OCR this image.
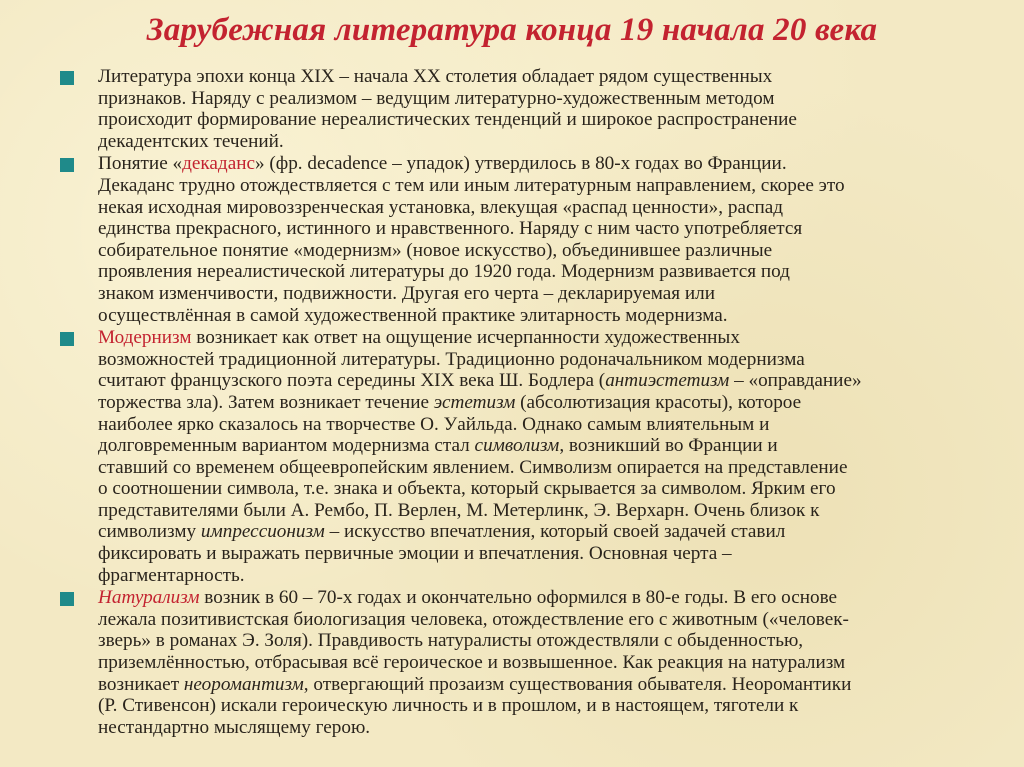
Зарубежная литература конца 19 начала 20 века
Литература эпохи конца XIX – начала XX столетия обладает рядом существенных
признаков. Наряду с реализмом – ведущим литературно-художественным методом
происходит формирование нереалистических тенденций и широкое распространение
декадентских течений.
Понятие «декаданс» (фр. decadence – упадок) утвердилось в 80-х годах во Франции.
Декаданс трудно отождествляется с тем или иным литературным направлением, скорее это
некая исходная мировоззренческая установка, влекущая «распад ценности», распад
единства прекрасного, истинного и нравственного. Наряду с ним часто употребляется
собирательное понятие «модернизм» (новое искусство), объединившее различные
проявления нереалистической литературы до 1920 года. Модернизм развивается под
знаком изменчивости, подвижности. Другая его черта – декларируемая или
осуществлённая в самой художественной практике элитарность модернизма.
Модернизм возникает как ответ на ощущение исчерпанности художественных
возможностей традиционной литературы. Традиционно родоначальником модернизма
считают французского поэта середины XIX века Ш. Бодлера (антиэстетизм – «оправдание»
торжества зла). Затем возникает течение эстетизм (абсолютизация красоты), которое
наиболее ярко сказалось на творчестве О. Уайльда. Однако самым влиятельным и
долговременным вариантом модернизма стал символизм, возникший во Франции и
ставший со временем общеевропейским явлением. Символизм опирается на представление
о соотношении символа, т.е. знака и объекта, который скрывается за символом. Ярким его
представителями были А. Рембо, П. Верлен, М. Метерлинк, Э. Верхарн. Очень близок к
символизму импрессионизм – искусство впечатления, который своей задачей ставил
фиксировать и выражать первичные эмоции и впечатления. Основная черта –
фрагментарность.
Натурализм возник в 60 – 70-х годах и окончательно оформился в 80-е годы. В его основе
лежала позитивистская биологизация человека, отождествление его с животным («человек-
зверь» в романах Э. Золя). Правдивость натуралисты отождествляли с обыденностью,
приземлённостью, отбрасывая всё героическое и возвышенное. Как реакция на натурализм
возникает неоромантизм, отвергающий прозаизм существования обывателя. Неоромантики
(Р. Стивенсон) искали героическую личность и в прошлом, и в настоящем, тяготели к
нестандартно мыслящему герою.
